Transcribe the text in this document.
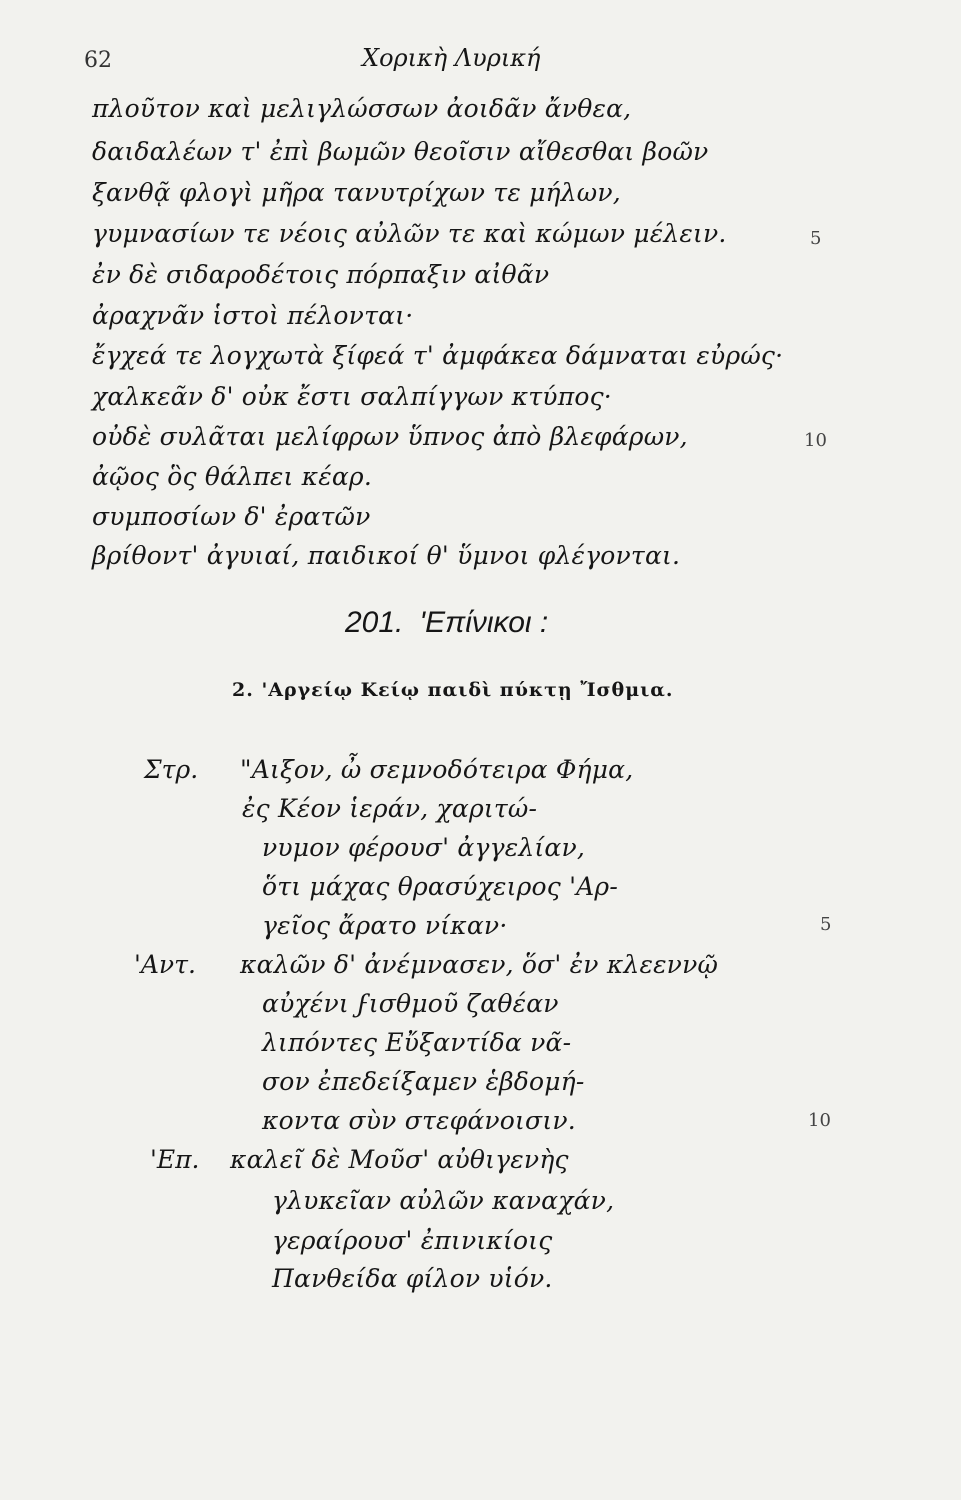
62	Χορικὴ Λυρική
πλοῦτον καὶ μελιγλώσσων ἀοιδᾶν ἄνθεα,
δαιδαλέων τ' ἐπὶ βωμῶν θεοῖσιν αἴθεσθαι βοῶν
ξανθᾷ φλογὶ μῆρα τανυτρίχων τε μήλων,
γυμνασίων τε νέοις αὐλῶν τε καὶ κώμων μέλειν.
ἐν δὲ σιδαροδέτοις πόρπαξιν αἰθᾶν
ἀραχνᾶν ἱστοὶ πέλονται·
ἔγχεά τε λογχωτὰ ξίφεά τ' ἀμφάκεα δάμναται εὐρώς·
χαλκεᾶν δ' οὐκ ἔστι σαλπίγγων κτύπος·
οὐδὲ συλᾶται μελίφρων ὕπνος ἀπὸ βλεφάρων,
ἀῷος ὃς θάλπει κέαρ.
συμποσίων δ' ἐρατῶν
βρίθοντ' ἀγυιαί, παιδικοί θ' ὕμνοι φλέγονται.
5
10
201. 'Επίνικοι :
2. 'Αργείῳ Κείῳ παιδὶ πύκτῃ Ἴσθμια.
Στρ.
'Αντ.
'Επ.
"Αιξον, ὦ σεμνοδότειρα Φήμα,
ἐς Κέον ἱεράν, χαριτώ-
νυμον φέρουσ' ἀγγελίαν,
ὅτι μάχας θρασύχειρος 'Αρ-
γεῖος ἄρατο νίκαν·
καλῶν δ' ἀνέμνασεν, ὅσ' ἐν κλεεννῷ
αὐχένι ϝισθμοῦ ζαθέαν
λιπόντες Εὔξαντίδα νᾶ-
σον ἐπεδείξαμεν ἑβδομή-
κοντα σὺν στεφάνοισιν.
καλεῖ δὲ Μοῦσ' αὐθιγενὴς
γλυκεῖαν αὐλῶν καναχάν,
γεραίρουσ' ἐπινικίοις
Πανθείδα φίλον υἱόν.
5
10
